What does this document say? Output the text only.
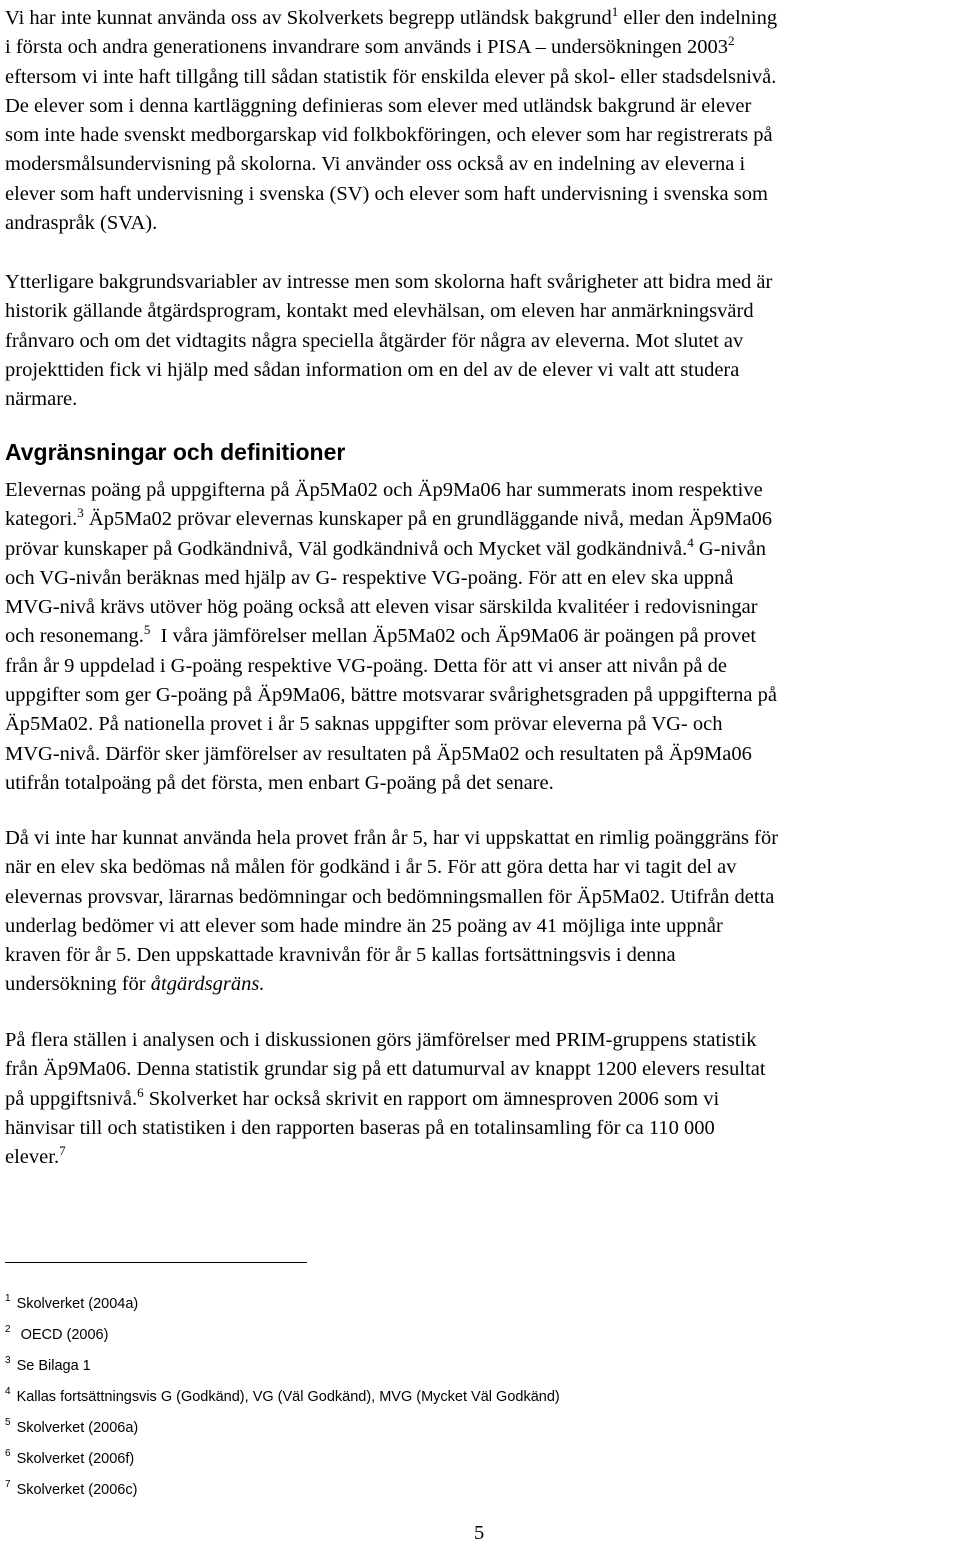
Vi har inte kunnat använda oss av Skolverkets begrepp utländsk bakgrund$^1$ eller den indelning
i första och andra generationens invandrare som används i PISA – undersökningen 2003$^2$
eftersom vi inte haft tillgång till sådan statistik för enskilda elever på skol- eller stadsdelsnivå.
De elever som i denna kartläggning definieras som elever med utländsk bakgrund är elever
som inte hade svenskt medborgarskap vid folkbokföringen, och elever som har registrerats på
modersmålsundervisning på skolorna. Vi använder oss också av en indelning av eleverna i
elever som haft undervisning i svenska (SV) och elever som haft undervisning i svenska som
andraspråk (SVA).

Ytterligare bakgrundsvariabler av intresse men som skolorna haft svårigheter att bidra med är
historik gällande åtgärdsprogram, kontakt med elevhälsan, om eleven har anmärkningsvärd
frånvaro och om det vidtagits några speciella åtgärder för några av eleverna. Mot slutet av
projekttiden fick vi hjälp med sådan information om en del av de elever vi valt att studera
närmare.

Avgränsningar och definitioner

Elevernas poäng på uppgifterna på Äp5Ma02 och Äp9Ma06 har summerats inom respektive
kategori.$^3$ Äp5Ma02 prövar elevernas kunskaper på en grundläggande nivå, medan Äp9Ma06
prövar kunskaper på Godkändnivå, Väl godkändnivå och Mycket väl godkändnivå.$^4$ G-nivån
och VG-nivån beräknas med hjälp av G- respektive VG-poäng. För att en elev ska uppnå
MVG-nivå krävs utöver hög poäng också att eleven visar särskilda kvalitéer i redovisningar
och resonemang.$^5$  I våra jämförelser mellan Äp5Ma02 och Äp9Ma06 är poängen på provet
från år 9 uppdelad i G-poäng respektive VG-poäng. Detta för att vi anser att nivån på de
uppgifter som ger G-poäng på Äp9Ma06, bättre motsvarar svårighetsgraden på uppgifterna på
Äp5Ma02. På nationella provet i år 5 saknas uppgifter som prövar eleverna på VG- och
MVG-nivå. Därför sker jämförelser av resultaten på Äp5Ma02 och resultaten på Äp9Ma06
utifrån totalpoäng på det första, men enbart G-poäng på det senare.

Då vi inte har kunnat använda hela provet från år 5, har vi uppskattat en rimlig poänggräns för
när en elev ska bedömas nå målen för godkänd i år 5. För att göra detta har vi tagit del av
elevernas provsvar, lärarnas bedömningar och bedömningsmallen för Äp5Ma02. Utifrån detta
underlag bedömer vi att elever som hade mindre än 25 poäng av 41 möjliga inte uppnår
kraven för år 5. Den uppskattade kravnivån för år 5 kallas fortsättningsvis i denna
undersökning för åtgärdsgräns.

På flera ställen i analysen och i diskussionen görs jämförelser med PRIM-gruppens statistik
från Äp9Ma06. Denna statistik grundar sig på ett datumurval av knappt 1200 elevers resultat
på uppgiftsnivå.$^6$ Skolverket har också skrivit en rapport om ämnesproven 2006 som vi
hänvisar till och statistiken i den rapporten baseras på en totalinsamling för ca 110 000
elever.$^7$

$^1$ Skolverket (2004a)
$^2$ OECD (2006)
$^3$ Se Bilaga 1
$^4$ Kallas fortsättningsvis G (Godkänd), VG (Väl Godkänd), MVG (Mycket Väl Godkänd)
$^5$ Skolverket (2006a)
$^6$ Skolverket (2006f)
$^7$ Skolverket (2006c)
5
